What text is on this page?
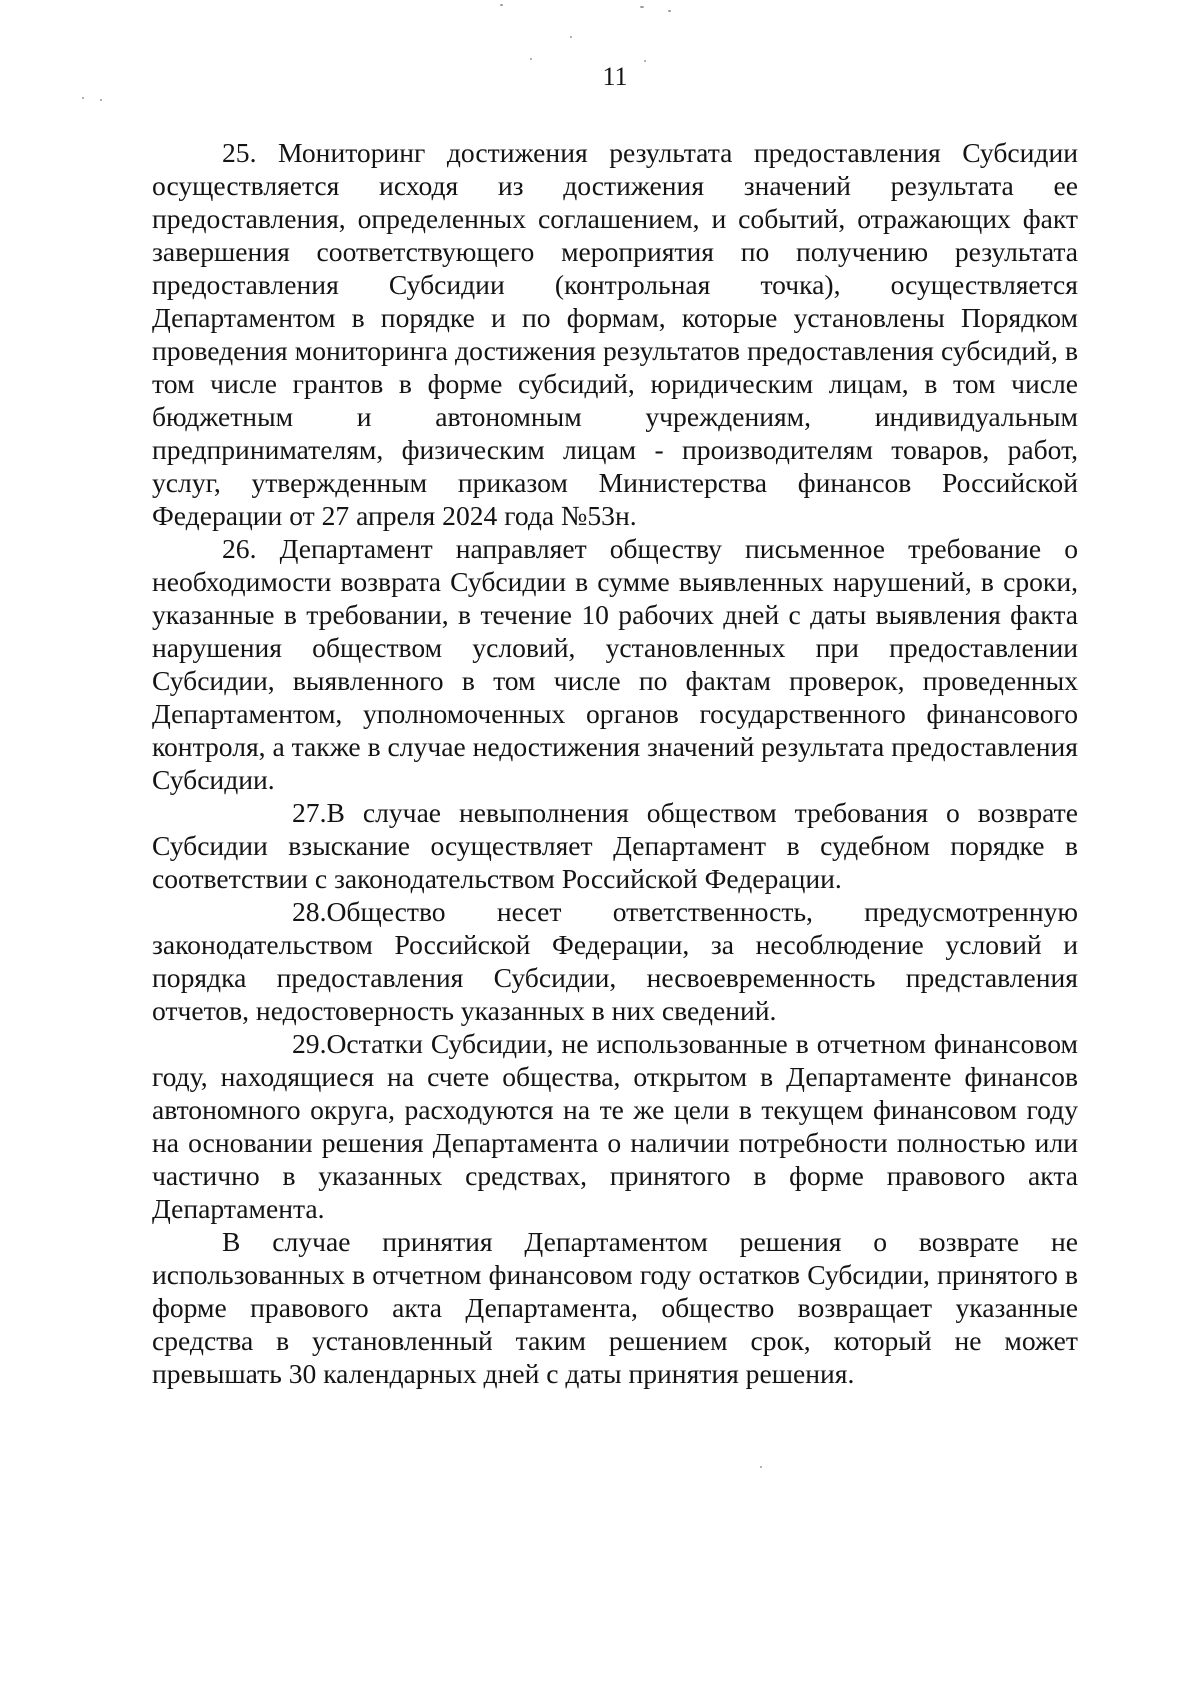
11

25. Мониторинг достижения результата предоставления Субсидии осуществляется исходя из достижения значений результата ее предоставления, определенных соглашением, и событий, отражающих факт завершения соответствующего мероприятия по получению результата предоставления Субсидии (контрольная точка), осуществляется Департаментом в порядке и по формам, которые установлены Порядком проведения мониторинга достижения результатов предоставления субсидий, в том числе грантов в форме субсидий, юридическим лицам, в том числе бюджетным и автономным учреждениям, индивидуальным предпринимателям, физическим лицам - производителям товаров, работ, услуг, утвержденным приказом Министерства финансов Российской Федерации от 27 апреля 2024 года №53н.

26. Департамент направляет обществу письменное требование о необходимости возврата Субсидии в сумме выявленных нарушений, в сроки, указанные в требовании, в течение 10 рабочих дней с даты выявления факта нарушения обществом условий, установленных при предоставлении Субсидии, выявленного в том числе по фактам проверок, проведенных Департаментом, уполномоченных органов государственного финансового контроля, а также в случае недостижения значений результата предоставления Субсидии.

27.В случае невыполнения обществом требования о возврате Субсидии взыскание осуществляет Департамент в судебном порядке в соответствии с законодательством Российской Федерации.

28.Общество несет ответственность, предусмотренную законодательством Российской Федерации, за несоблюдение условий и порядка предоставления Субсидии, несвоевременность представления отчетов, недостоверность указанных в них сведений.

29.Остатки Субсидии, не использованные в отчетном финансовом году, находящиеся на счете общества, открытом в Департаменте финансов автономного округа, расходуются на те же цели в текущем финансовом году на основании решения Департамента о наличии потребности полностью или частично в указанных средствах, принятого в форме правового акта Департамента.

В случае принятия Департаментом решения о возврате не использованных в отчетном финансовом году остатков Субсидии, принятого в форме правового акта Департамента, общество возвращает указанные средства в установленный таким решением срок, который не может превышать 30 календарных дней с даты принятия решения.
